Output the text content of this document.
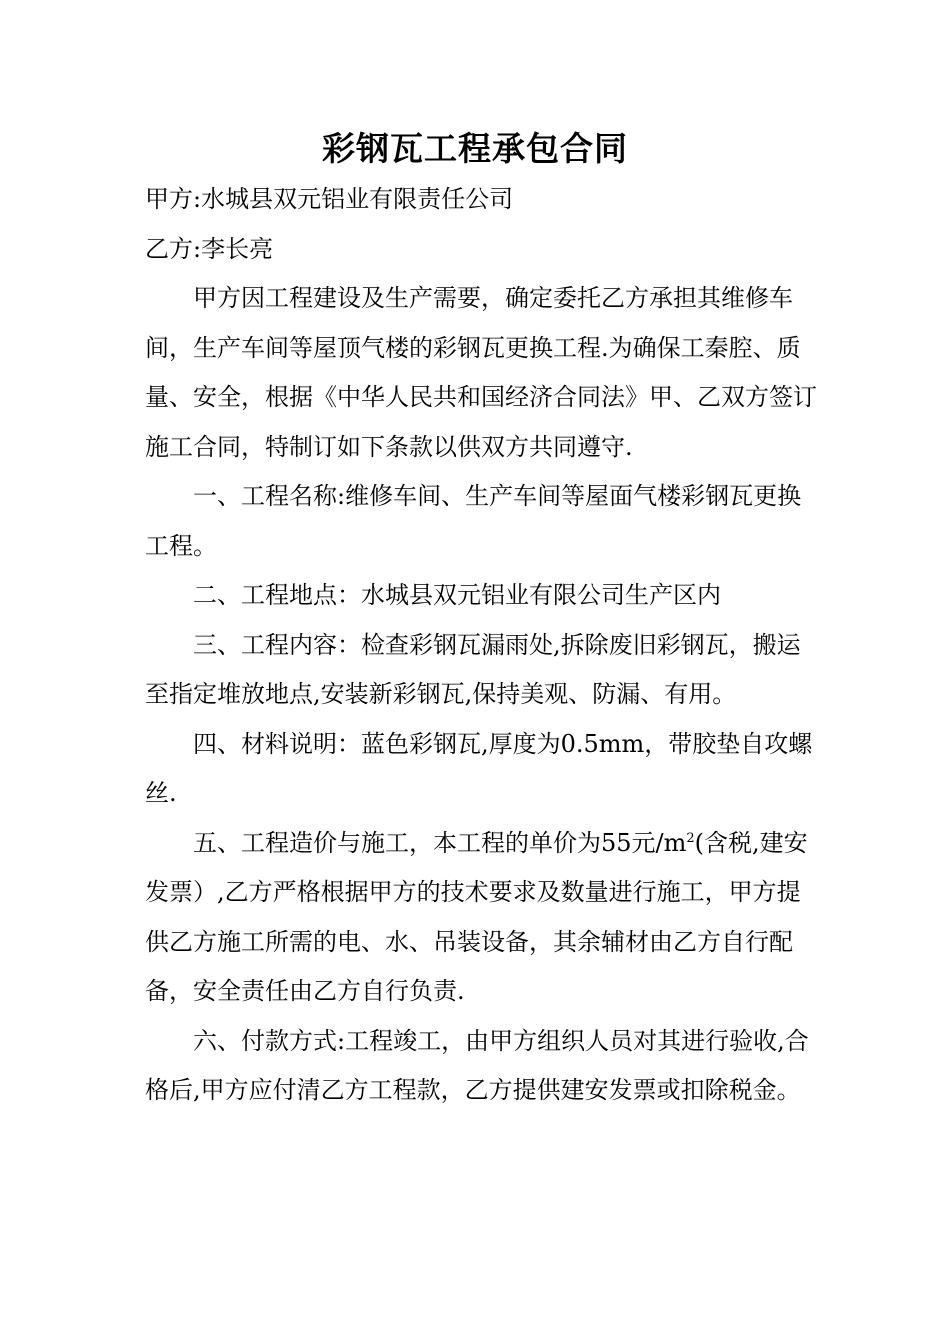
彩钢瓦工程承包合同

甲方:水城县双元铝业有限责任公司

乙方:李长亮

甲方因工程建设及生产需要，确定委托乙方承担其维修车间，生产车间等屋顶气楼的彩钢瓦更换工程.为确保工秦腔、质量、安全，根据《中华人民共和国经济合同法》甲、乙双方签订施工合同，特制订如下条款以供双方共同遵守.

一、工程名称:维修车间、生产车间等屋面气楼彩钢瓦更换工程。

二、工程地点：水城县双元铝业有限公司生产区内

三、工程内容：检查彩钢瓦漏雨处,拆除废旧彩钢瓦，搬运至指定堆放地点,安装新彩钢瓦,保持美观、防漏、有用。

四、材料说明：蓝色彩钢瓦,厚度为0.5mm，带胶垫自攻螺丝.

五、工程造价与施工，本工程的单价为55元$/m^2$(含税,建安发票）,乙方严格根据甲方的技术要求及数量进行施工，甲方提供乙方施工所需的电、水、吊装设备，其余辅材由乙方自行配备，安全责任由乙方自行负责.

六、付款方式:工程竣工，由甲方组织人员对其进行验收,合格后,甲方应付清乙方工程款，乙方提供建安发票或扣除税金。
